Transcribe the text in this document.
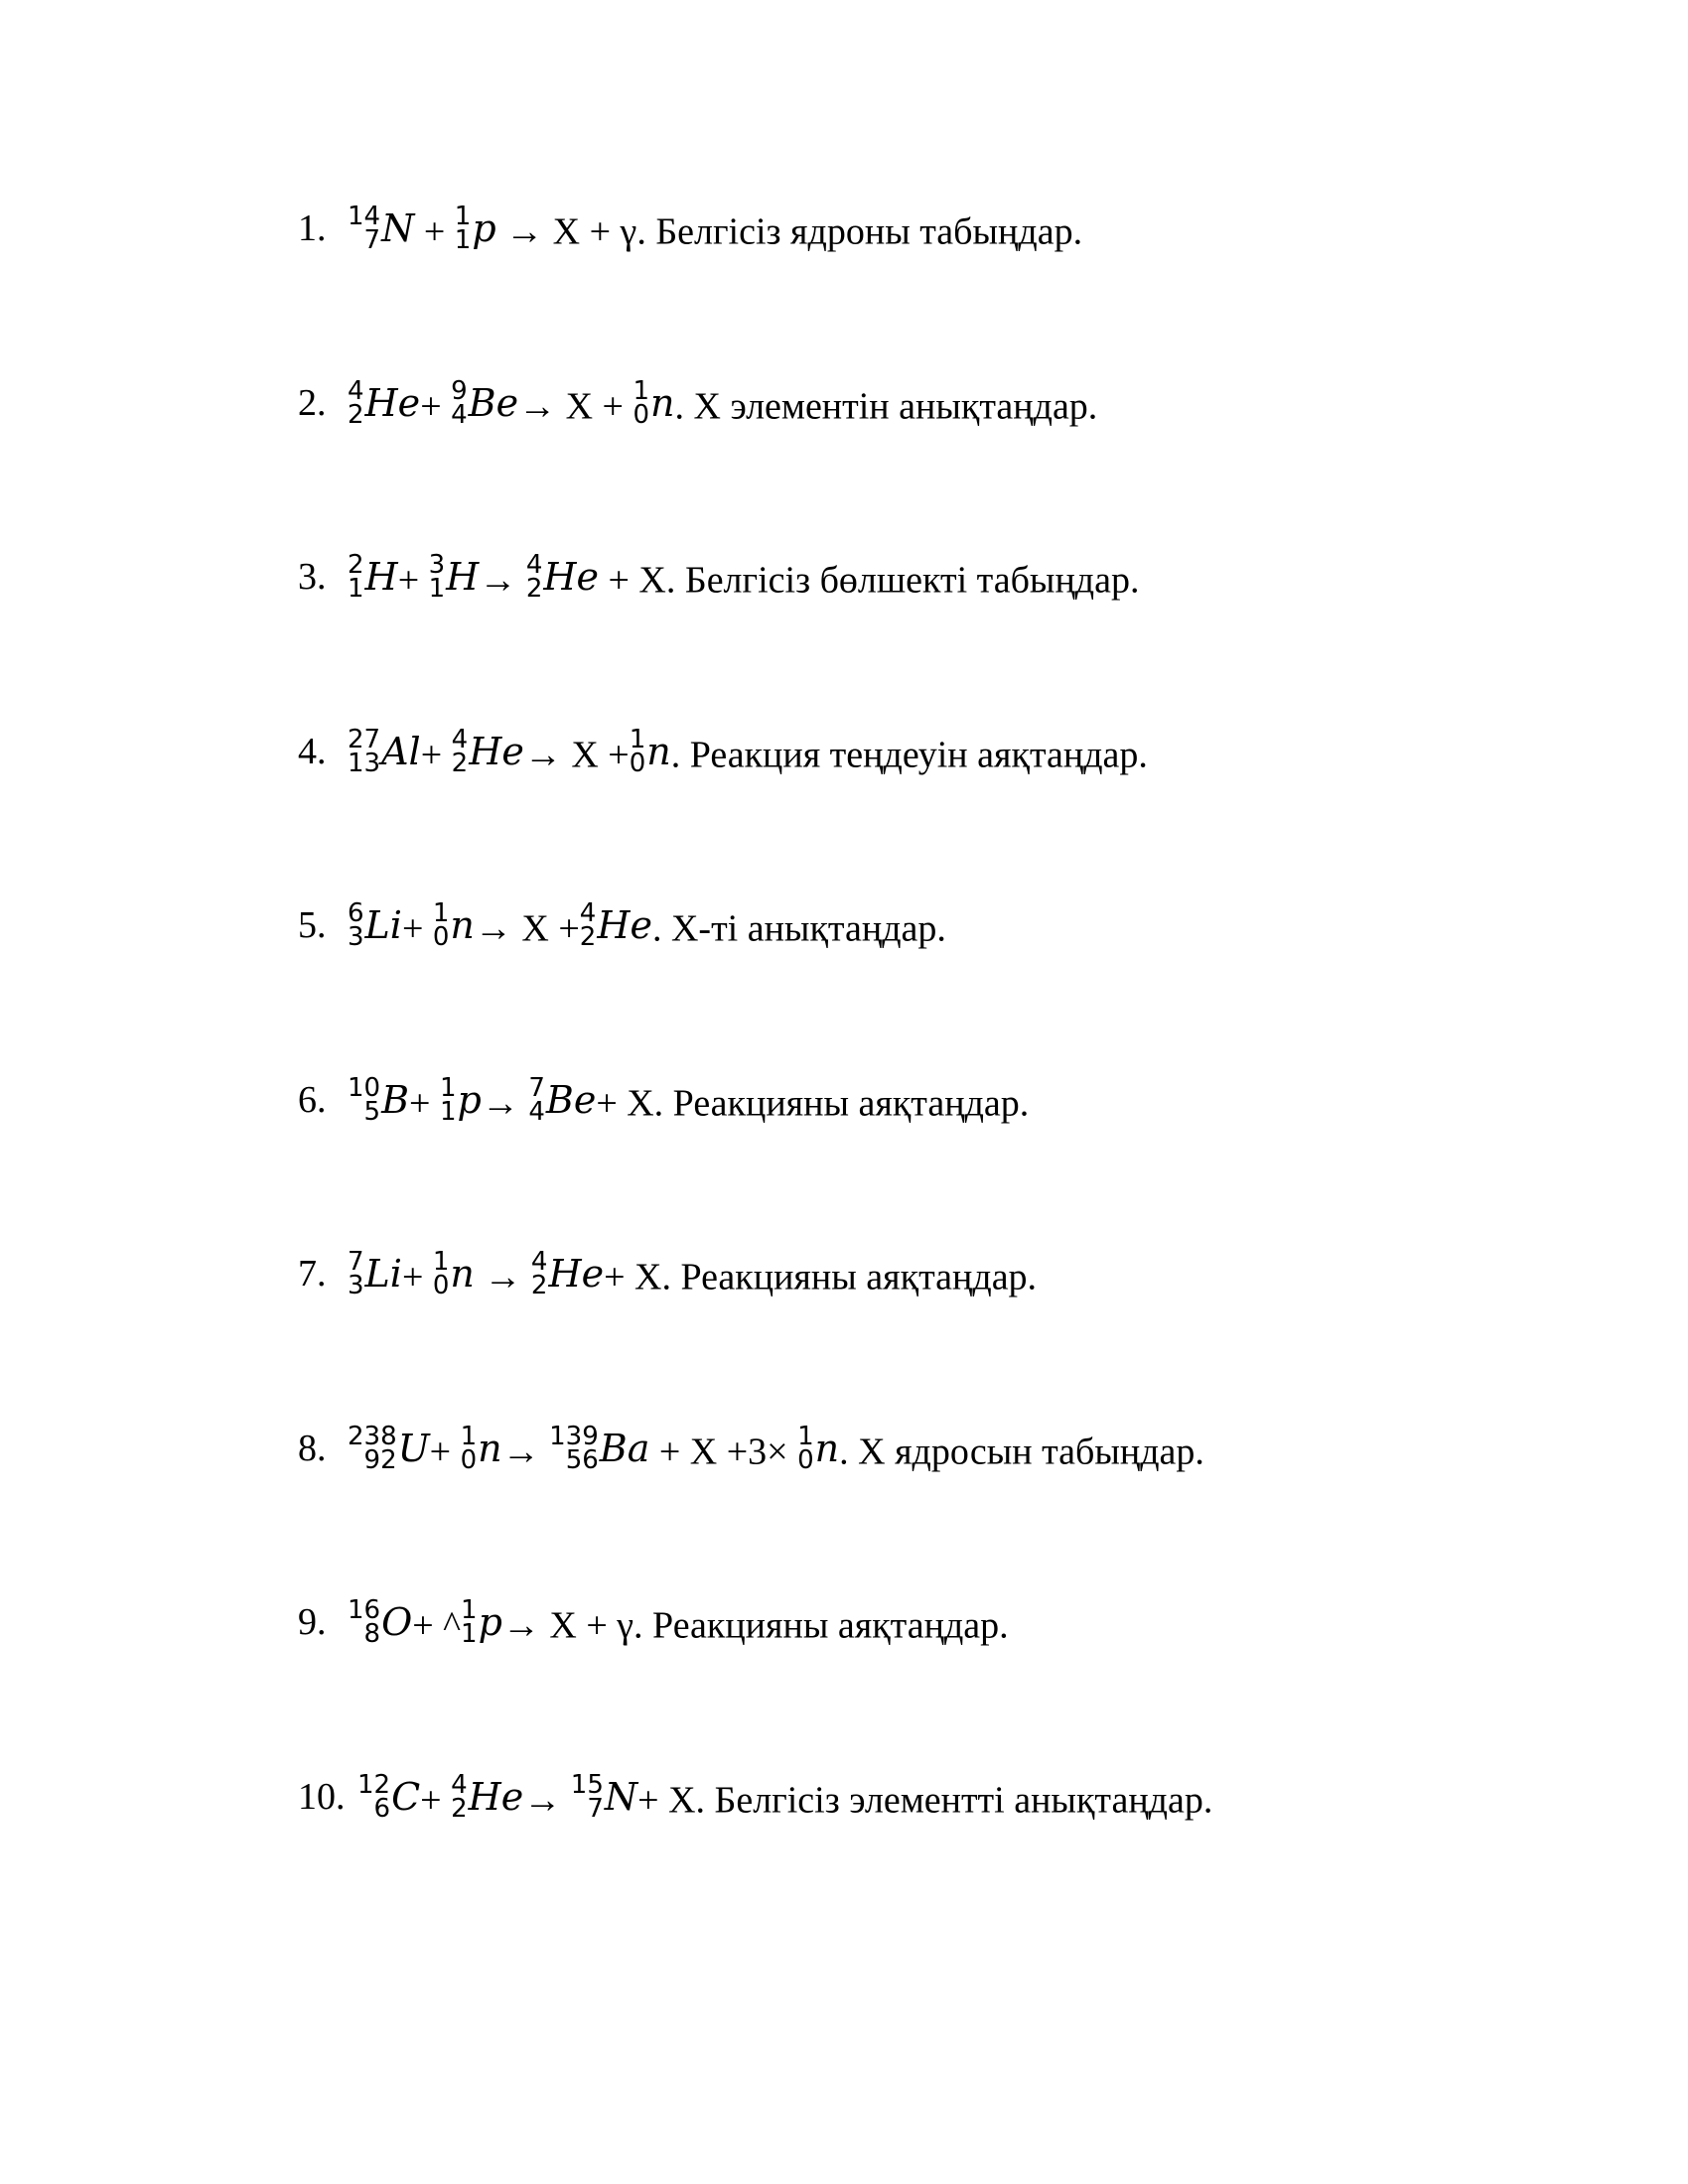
1. 14
7 N + 1
1 p → X + γ. Белгісіз ядроны табыңдар.
2. 4
2 He + 9
4 Be → X + 1
0 n . X элементін анықтаңдар.
3. 2
1 H + 3
1 H → 4
2 He + X. Белгісіз бөлшекті табыңдар.
4. 27
13 Al + 4
2 He → X + 1
0 n . Реакция теңдеуін аяқтаңдар.
5. 6
3 Li + 1
0 n → X + 4
2 He . X-ті анықтаңдар.
6. 10
5 B + 1
1 p → 7
4 Be + X. Реакцияны аяқтаңдар.
7. 7
3 Li + 1
0 n → 4
2 He + X. Реакцияны аяқтаңдар.
8. 238
92 U + 1
0 n → 139
56 Ba + X +3× 1
0 n . X ядросын табыңдар.
9. 16
8 O + ^ 1
1 p → X + γ. Реакцияны аяқтаңдар.
10. 12
6 C + 4
2 He → 15
7 N + X. Белгісіз элементті анықтаңдар.
